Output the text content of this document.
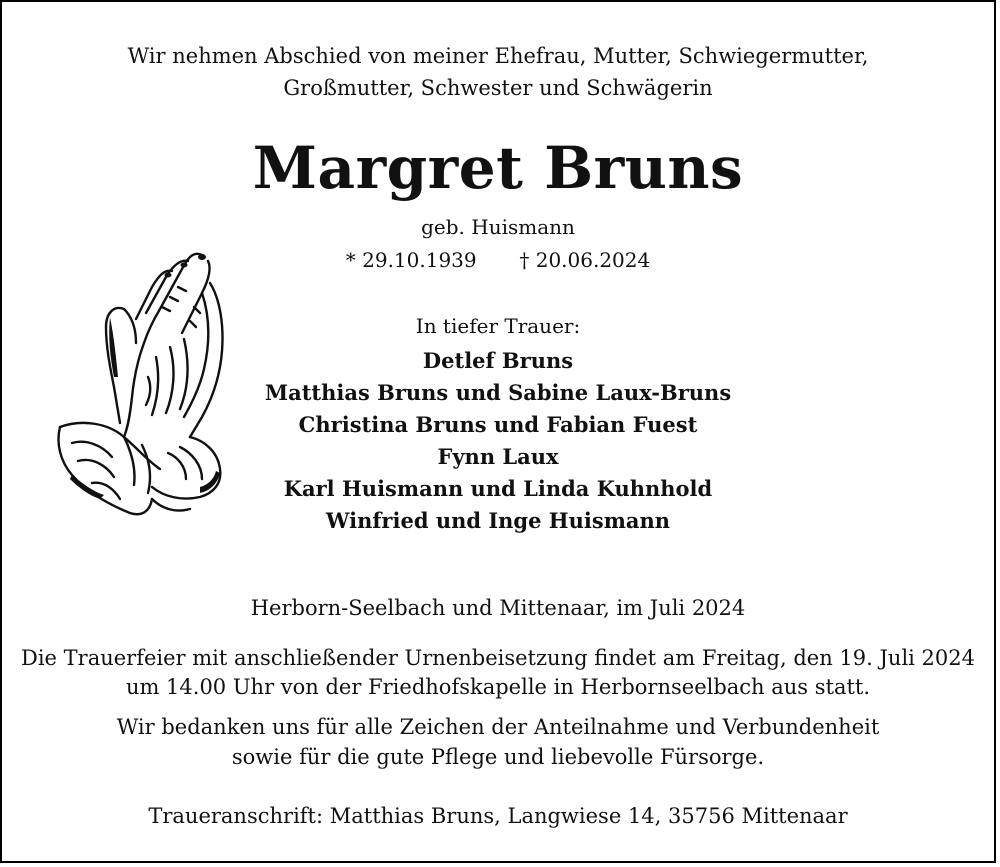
Wir nehmen Abschied von meiner Ehefrau, Mutter, Schwiegermutter,
Großmutter, Schwester und Schwägerin
Margret Bruns
geb. Huismann
* 29.10.1939 † 20.06.2024
In tiefer Trauer:
Detlef Bruns
Matthias Bruns und Sabine Laux-Bruns
Christina Bruns und Fabian Fuest
Fynn Laux
Karl Huismann und Linda Kuhnhold
Winfried und Inge Huismann
Herborn-Seelbach und Mittenaar, im Juli 2024
Die Trauerfeier mit anschließender Urnenbeisetzung findet am Freitag, den 19. Juli 2024
um 14.00 Uhr von der Friedhofskapelle in Herbornseelbach aus statt.
Wir bedanken uns für alle Zeichen der Anteilnahme und Verbundenheit
sowie für die gute Pflege und liebevolle Fürsorge.
Traueranschrift: Matthias Bruns, Langwiese 14, 35756 Mittenaar
